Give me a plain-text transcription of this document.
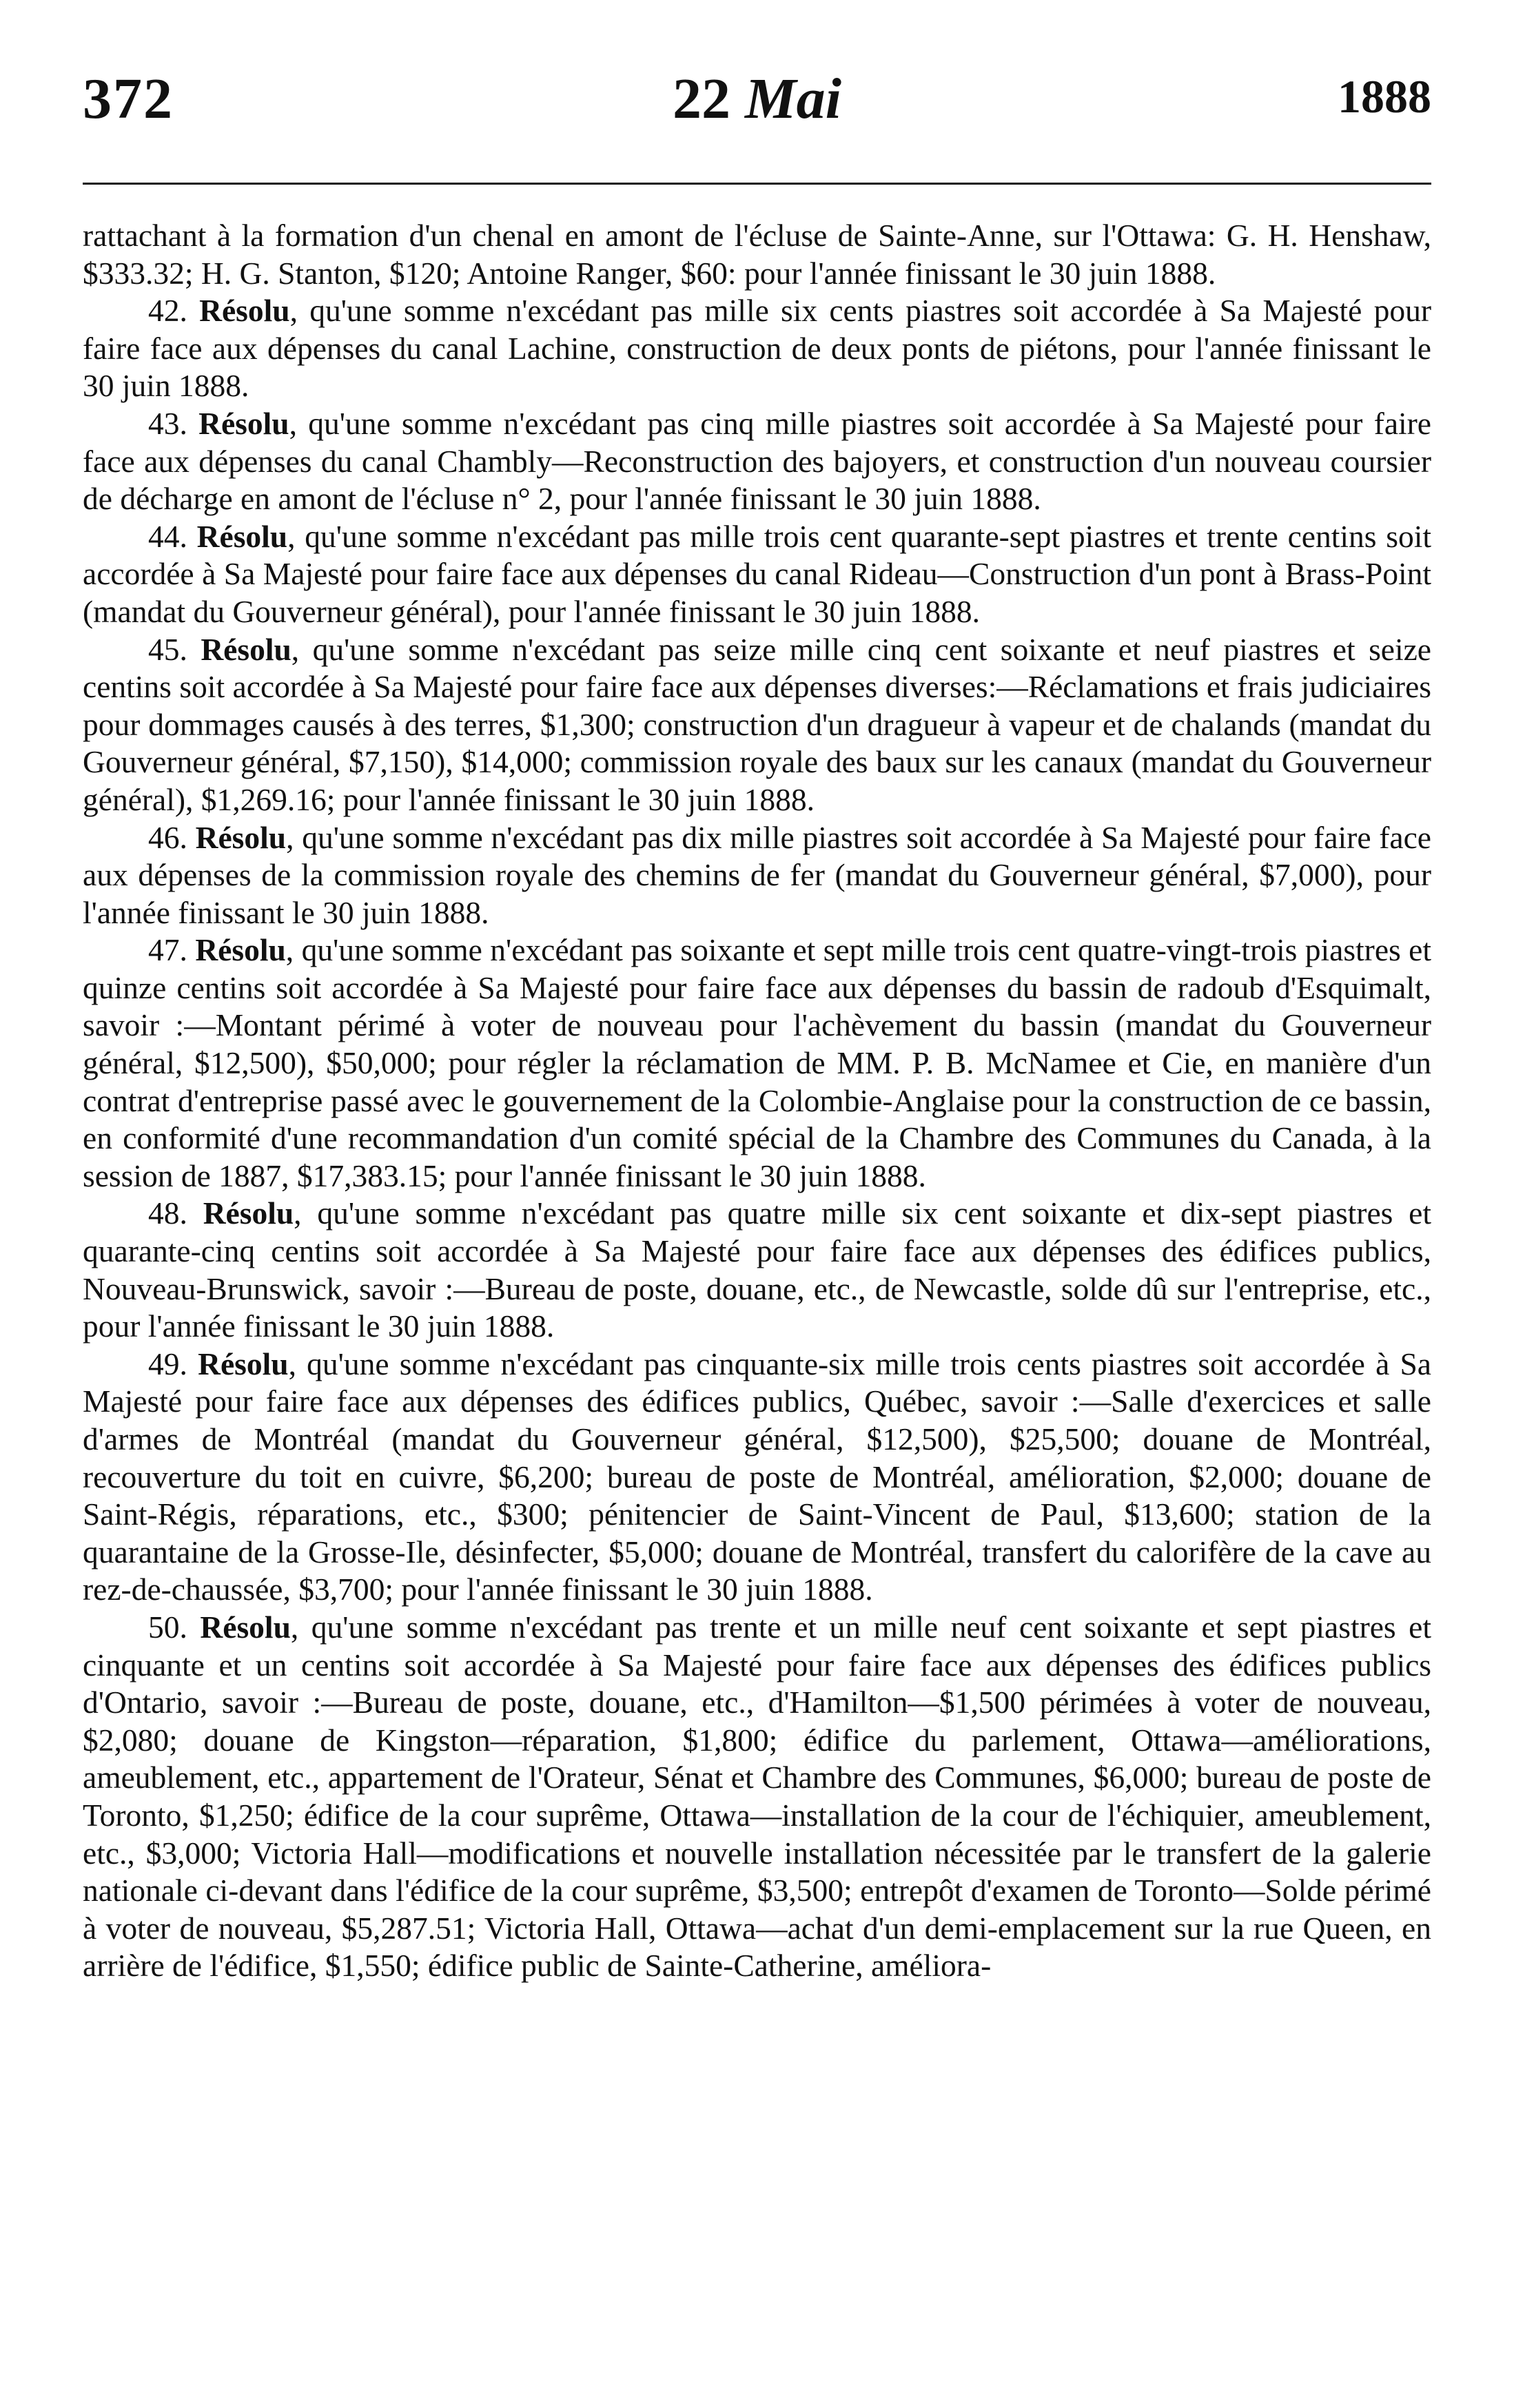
372	22 Mai	1888

rattachant à la formation d'un chenal en amont de l'écluse de Sainte-Anne, sur l'Ottawa: G. H. Henshaw, $333.32; H. G. Stanton, $120; Antoine Ranger, $60: pour l'année finissant le 30 juin 1888.

42. Résolu, qu'une somme n'excédant pas mille six cents piastres soit accordée à Sa Majesté pour faire face aux dépenses du canal Lachine, construction de deux ponts de piétons, pour l'année finissant le 30 juin 1888.

43. Résolu, qu'une somme n'excédant pas cinq mille piastres soit accordée à Sa Majesté pour faire face aux dépenses du canal Chambly—Reconstruction des bajoyers, et construction d'un nouveau coursier de décharge en amont de l'écluse n° 2, pour l'année finissant le 30 juin 1888.

44. Résolu, qu'une somme n'excédant pas mille trois cent quarante-sept piastres et trente centins soit accordée à Sa Majesté pour faire face aux dépenses du canal Rideau—Construction d'un pont à Brass-Point (mandat du Gouverneur général), pour l'année finissant le 30 juin 1888.

45. Résolu, qu'une somme n'excédant pas seize mille cinq cent soixante et neuf piastres et seize centins soit accordée à Sa Majesté pour faire face aux dépenses diverses:—Réclamations et frais judiciaires pour dommages causés à des terres, $1,300; construction d'un dragueur à vapeur et de chalands (mandat du Gouverneur général, $7,150), $14,000; commission royale des baux sur les canaux (mandat du Gouverneur général), $1,269.16; pour l'année finissant le 30 juin 1888.

46. Résolu, qu'une somme n'excédant pas dix mille piastres soit accordée à Sa Majesté pour faire face aux dépenses de la commission royale des chemins de fer (mandat du Gouverneur général, $7,000), pour l'année finissant le 30 juin 1888.

47. Résolu, qu'une somme n'excédant pas soixante et sept mille trois cent quatre-vingt-trois piastres et quinze centins soit accordée à Sa Majesté pour faire face aux dépenses du bassin de radoub d'Esquimalt, savoir :—Montant périmé à voter de nouveau pour l'achèvement du bassin (mandat du Gouverneur général, $12,500), $50,000; pour régler la réclamation de MM. P. B. McNamee et Cie, en manière d'un contrat d'entreprise passé avec le gouvernement de la Colombie-Anglaise pour la construction de ce bassin, en conformité d'une recommandation d'un comité spécial de la Chambre des Communes du Canada, à la session de 1887, $17,383.15; pour l'année finissant le 30 juin 1888.

48. Résolu, qu'une somme n'excédant pas quatre mille six cent soixante et dix-sept piastres et quarante-cinq centins soit accordée à Sa Majesté pour faire face aux dépenses des édifices publics, Nouveau-Brunswick, savoir :—Bureau de poste, douane, etc., de Newcastle, solde dû sur l'entreprise, etc., pour l'année finissant le 30 juin 1888.

49. Résolu, qu'une somme n'excédant pas cinquante-six mille trois cents piastres soit accordée à Sa Majesté pour faire face aux dépenses des édifices publics, Québec, savoir :—Salle d'exercices et salle d'armes de Montréal (mandat du Gouverneur général, $12,500), $25,500; douane de Montréal, recouverture du toit en cuivre, $6,200; bureau de poste de Montréal, amélioration, $2,000; douane de Saint-Régis, réparations, etc., $300; pénitencier de Saint-Vincent de Paul, $13,600; station de la quarantaine de la Grosse-Ile, désinfecter, $5,000; douane de Montréal, transfert du calorifère de la cave au rez-de-chaussée, $3,700; pour l'année finissant le 30 juin 1888.

50. Résolu, qu'une somme n'excédant pas trente et un mille neuf cent soixante et sept piastres et cinquante et un centins soit accordée à Sa Majesté pour faire face aux dépenses des édifices publics d'Ontario, savoir :—Bureau de poste, douane, etc., d'Hamilton—$1,500 périmées à voter de nouveau, $2,080; douane de Kingston—réparation, $1,800; édifice du parlement, Ottawa—améliorations, ameublement, etc., appartement de l'Orateur, Sénat et Chambre des Communes, $6,000; bureau de poste de Toronto, $1,250; édifice de la cour suprême, Ottawa—installation de la cour de l'échiquier, ameublement, etc., $3,000; Victoria Hall—modifications et nouvelle installation nécessitée par le transfert de la galerie nationale ci-devant dans l'édifice de la cour suprême, $3,500; entrepôt d'examen de Toronto—Solde périmé à voter de nouveau, $5,287.51; Victoria Hall, Ottawa—achat d'un demi-emplacement sur la rue Queen, en arrière de l'édifice, $1,550; édifice public de Sainte-Catherine, améliora-
